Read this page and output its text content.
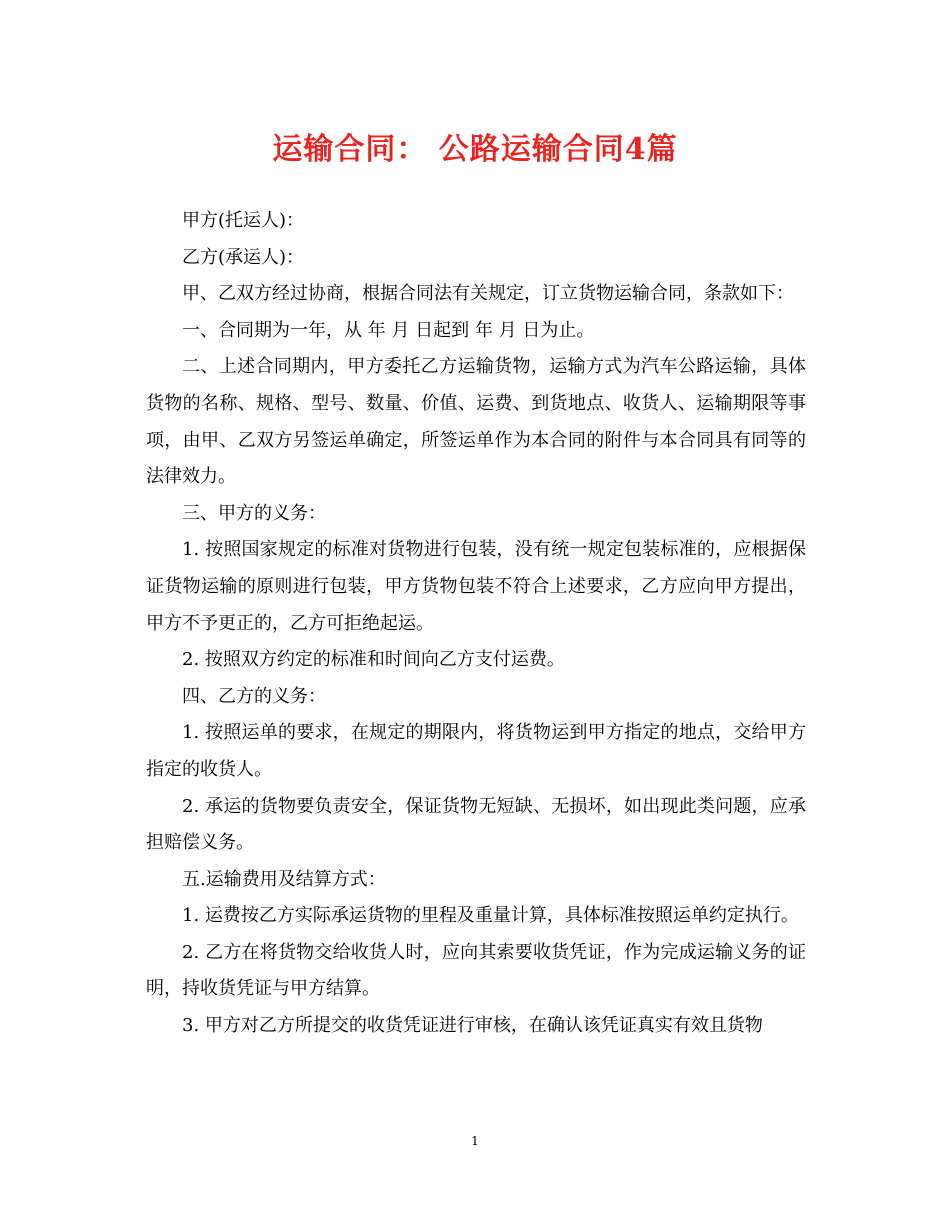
运输合同： 公路运输合同4篇

甲方(托运人)：

乙方(承运人)：

甲、乙双方经过协商，根据合同法有关规定，订立货物运输合同，条款如下：

一、合同期为一年，从 年 月 日起到 年 月 日为止。

二、上述合同期内，甲方委托乙方运输货物，运输方式为汽车公路运输，具体货物的名称、规格、型号、数量、价值、运费、到货地点、收货人、运输期限等事项，由甲、乙双方另签运单确定，所签运单作为本合同的附件与本合同具有同等的法律效力。

三、甲方的义务：

1. 按照国家规定的标准对货物进行包装，没有统一规定包装标准的，应根据保证货物运输的原则进行包装，甲方货物包装不符合上述要求，乙方应向甲方提出，甲方不予更正的，乙方可拒绝起运。

2. 按照双方约定的标准和时间向乙方支付运费。

四、乙方的义务：

1. 按照运单的要求，在规定的期限内，将货物运到甲方指定的地点，交给甲方指定的收货人。

2. 承运的货物要负责安全，保证货物无短缺、无损坏，如出现此类问题，应承担赔偿义务。

五.运输费用及结算方式：

1. 运费按乙方实际承运货物的里程及重量计算，具体标准按照运单约定执行。

2. 乙方在将货物交给收货人时，应向其索要收货凭证，作为完成运输义务的证明，持收货凭证与甲方结算。

3. 甲方对乙方所提交的收货凭证进行审核，在确认该凭证真实有效且货物

1
